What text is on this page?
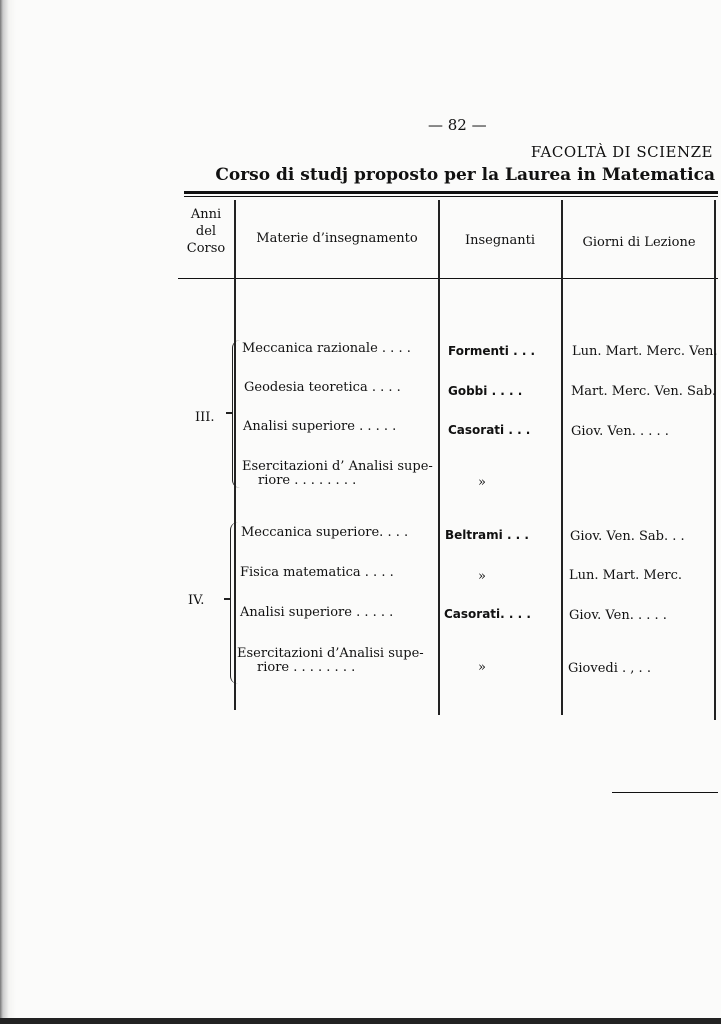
— 82 —
FACOLTÀ DI SCIENZE
Corso di studj proposto per la Laurea in Matematica
Anni
del
Corso
Materie d’insegnamento	Insegnanti	Giorni di Lezione
III.
Meccanica razionale . . . .	Formenti . . .	Lun. Mart. Merc. Ven.
Geodesia teoretica . . . .	Gobbi . . . .	Mart. Merc. Ven. Sab.
Analisi superiore . . . . .	Casorati . . .	Giov. Ven. . . . .
Esercitazioni d’ Analisi supe-
riore . . . . . . . .	»
IV.
Meccanica superiore. . . .	Beltrami . . .	Giov. Ven. Sab. . .
Fisica matematica . . . .	»	Lun. Mart. Merc.
Analisi superiore . . . . .	Casorati. . . .	Giov. Ven. . . . .
Esercitazioni d’Analisi supe-
riore . . . . . . . .	»	Giovedi . , . .
